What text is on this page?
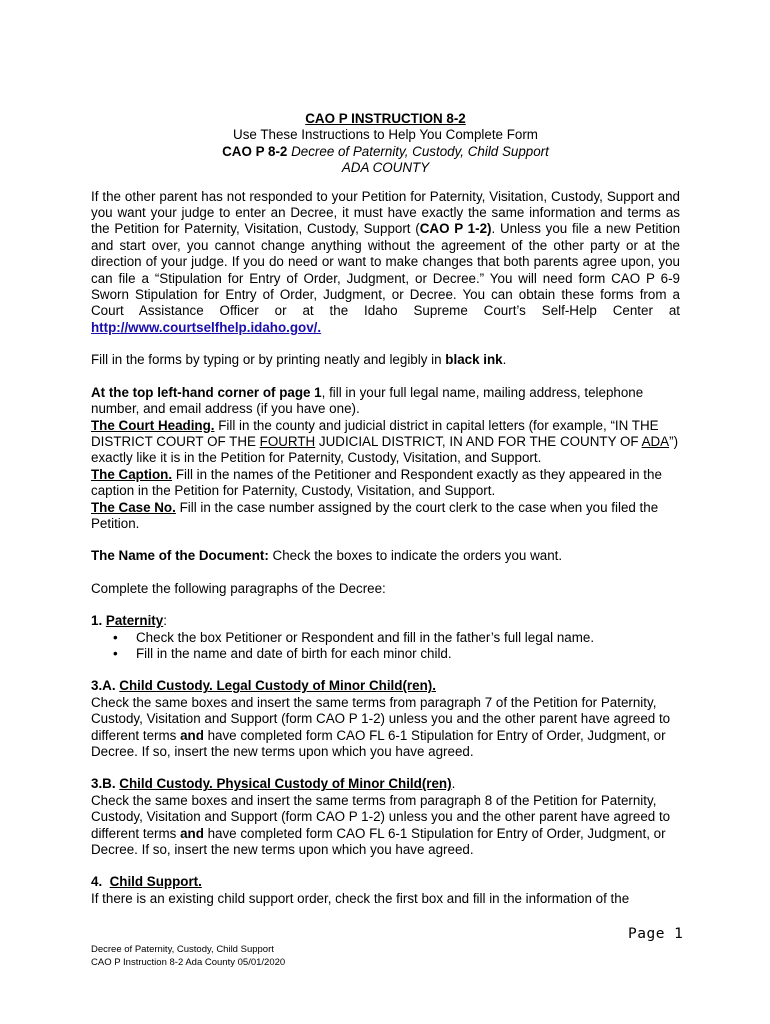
CAO P INSTRUCTION 8-2
Use These Instructions to Help You Complete Form
CAO P 8-2 Decree of Paternity, Custody, Child Support
ADA COUNTY

If the other parent has not responded to your Petition for Paternity, Visitation, Custody, Support and you want your judge to enter an Decree, it must have exactly the same information and terms as the Petition for Paternity, Visitation, Custody, Support (CAO P 1-2). Unless you file a new Petition and start over, you cannot change anything without the agreement of the other party or at the direction of your judge. If you do need or want to make changes that both parents agree upon, you can file a “Stipulation for Entry of Order, Judgment, or Decree.” You will need form CAO P 6-9 Sworn Stipulation for Entry of Order, Judgment, or Decree. You can obtain these forms from a Court Assistance Officer or at the Idaho Supreme Court’s Self-Help Center at http://www.courtselfhelp.idaho.gov/.

Fill in the forms by typing or by printing neatly and legibly in black ink.

At the top left-hand corner of page 1, fill in your full legal name, mailing address, telephone number, and email address (if you have one).

The Court Heading. Fill in the county and judicial district in capital letters (for example, “IN THE DISTRICT COURT OF THE FOURTH JUDICIAL DISTRICT, IN AND FOR THE COUNTY OF ADA”) exactly like it is in the Petition for Paternity, Custody, Visitation, and Support.

The Caption. Fill in the names of the Petitioner and Respondent exactly as they appeared in the caption in the Petition for Paternity, Custody, Visitation, and Support.

The Case No. Fill in the case number assigned by the court clerk to the case when you filed the Petition.

The Name of the Document: Check the boxes to indicate the orders you want.

Complete the following paragraphs of the Decree:

1. Paternity:
• Check the box Petitioner or Respondent and fill in the father’s full legal name.
• Fill in the name and date of birth for each minor child.
3.A. Child Custody. Legal Custody of Minor Child(ren).

Check the same boxes and insert the same terms from paragraph 7 of the Petition for Paternity, Custody, Visitation and Support (form CAO P 1-2) unless you and the other parent have agreed to different terms and have completed form CAO FL 6-1 Stipulation for Entry of Order, Judgment, or Decree. If so, insert the new terms upon which you have agreed.

3.B. Child Custody. Physical Custody of Minor Child(ren).

Check the same boxes and insert the same terms from paragraph 8 of the Petition for Paternity, Custody, Visitation and Support (form CAO P 1-2) unless you and the other parent have agreed to different terms and have completed form CAO FL 6-1 Stipulation for Entry of Order, Judgment, or Decree. If so, insert the new terms upon which you have agreed.

4.  Child Support.

If there is an existing child support order, check the first box and fill in the information of the

Page 1
Decree of Paternity, Custody, Child Support
CAO P Instruction 8-2 Ada County 05/01/2020
